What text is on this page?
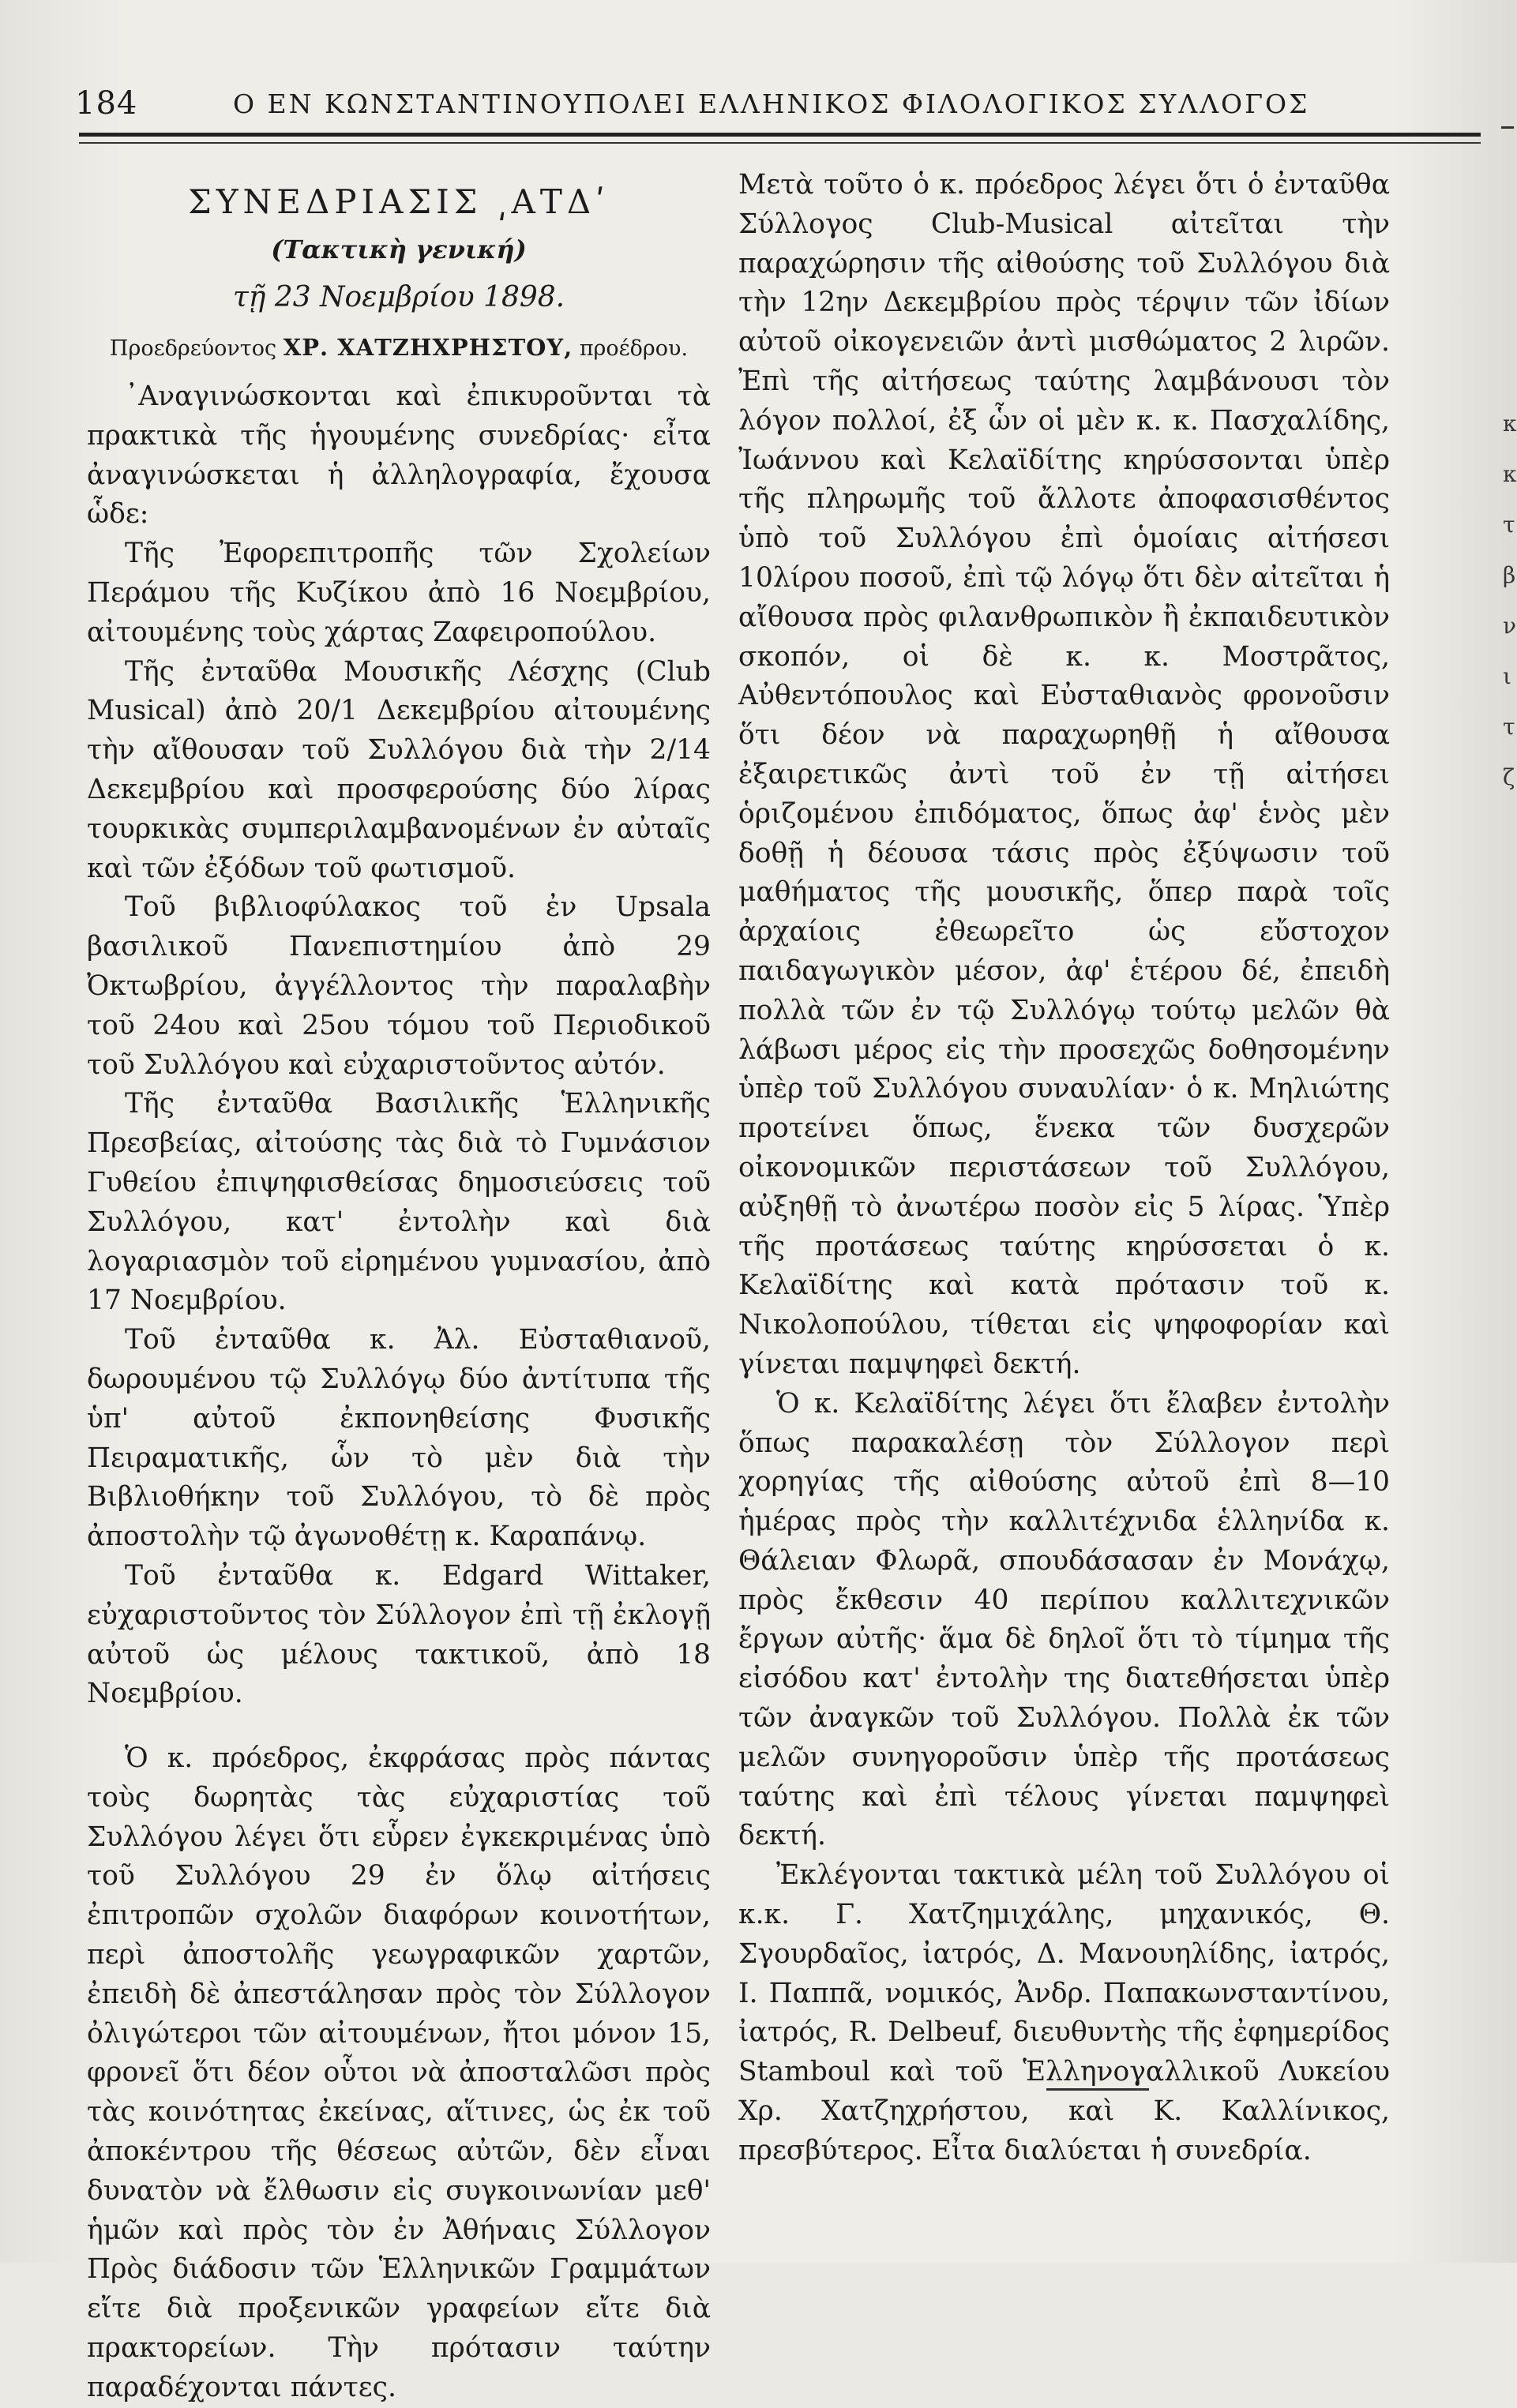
184	Ο ΕΝ ΚΩΝΣΤΑΝΤΙΝΟΥΠΟΛΕΙ ΕΛΛΗΝΙΚΟΣ ΦΙΛΟΛΟΓΙΚΟΣ ΣΥΛΛΟΓΟΣ
ΣΥΝΕΔΡΙΑΣΙΣ ͵ΑΤΔʹ
(Τακτικὴ γενική)
τῇ 23 Νοεμβρίου 1898.
Προεδρεύοντος ΧΡ. ΧΑΤΖΗΧΡΗΣΤΟΥ, προέδρου.

᾿Αναγινώσκονται καὶ ἐπικυροῦνται τὰ πρακτικὰ τῆς ἡγουμένης συνεδρίας· εἶτα ἀναγινώσκεται ἡ ἀλληλογραφία, ἔχουσα ὧδε:

Τῆς Ἐφορεπιτροπῆς τῶν Σχολείων Περάμου τῆς Κυζίκου ἀπὸ 16 Νοεμβρίου, αἰτουμένης τοὺς χάρτας Ζαφειροπούλου.

Τῆς ἐνταῦθα Μουσικῆς Λέσχης (Club Musical) ἀπὸ 20/1 Δεκεμβρίου αἰτουμένης τὴν αἴθουσαν τοῦ Συλλόγου διὰ τὴν 2/14 Δεκεμβρίου καὶ προσφερούσης δύο λίρας τουρκικὰς συμπεριλαμβανομένων ἐν αὐταῖς καὶ τῶν ἐξόδων τοῦ φωτισμοῦ.

Τοῦ βιβλιοφύλακος τοῦ ἐν Upsala βασιλικοῦ Πανεπιστημίου ἀπὸ 29 Ὀκτωβρίου, ἀγγέλλοντος τὴν παραλαβὴν τοῦ 24ου καὶ 25ου τόμου τοῦ Περιοδικοῦ τοῦ Συλλόγου καὶ εὐχαριστοῦντος αὐτόν.

Τῆς ἐνταῦθα Βασιλικῆς Ἑλληνικῆς Πρεσβείας, αἰτούσης τὰς διὰ τὸ Γυμνάσιον Γυθείου ἐπιψηφισθείσας δημοσιεύσεις τοῦ Συλλόγου, κατ' ἐντολὴν καὶ διὰ λογαριασμὸν τοῦ εἰρημένου γυμνασίου, ἀπὸ 17 Νοεμβρίου.

Τοῦ ἐνταῦθα κ. Ἀλ. Εὐσταθιανοῦ, δωρουμένου τῷ Συλλόγῳ δύο ἀντίτυπα τῆς ὑπ' αὐτοῦ ἐκπονηθείσης Φυσικῆς Πειραματικῆς, ὧν τὸ μὲν διὰ τὴν Βιβλιοθήκην τοῦ Συλλόγου, τὸ δὲ πρὸς ἀποστολὴν τῷ ἀγωνοθέτῃ κ. Καραπάνῳ.

Τοῦ ἐνταῦθα κ. Edgard Wittaker, εὐχαριστοῦντος τὸν Σύλλογον ἐπὶ τῇ ἐκλογῇ αὐτοῦ ὡς μέλους τακτικοῦ, ἀπὸ 18 Νοεμβρίου.

Ὁ κ. πρόεδρος, ἐκφράσας πρὸς πάντας τοὺς δωρητὰς τὰς εὐχαριστίας τοῦ Συλλόγου λέγει ὅτι εὗρεν ἐγκεκριμένας ὑπὸ τοῦ Συλλόγου 29 ἐν ὅλῳ αἰτήσεις ἐπιτροπῶν σχολῶν διαφόρων κοινοτήτων, περὶ ἀποστολῆς γεωγραφικῶν χαρτῶν, ἐπειδὴ δὲ ἀπεστάλησαν πρὸς τὸν Σύλλογον ὀλιγώτεροι τῶν αἰτουμένων, ἤτοι μόνον 15, φρονεῖ ὅτι δέον οὗτοι νὰ ἀποσταλῶσι πρὸς τὰς κοινότητας ἐκείνας, αἵτινες, ὡς ἐκ τοῦ ἀποκέντρου τῆς θέσεως αὐτῶν, δὲν εἶναι δυνατὸν νὰ ἔλθωσιν εἰς συγκοινωνίαν μεθ' ἡμῶν καὶ πρὸς τὸν ἐν Ἀθήναις Σύλλογον Πρὸς διάδοσιν τῶν Ἑλληνικῶν Γραμμάτων εἴτε διὰ προξενικῶν γραφείων εἴτε διὰ πρακτορείων. Τὴν πρότασιν ταύτην παραδέχονται πάντες.

Μετὰ τοῦτο ὁ κ. πρόεδρος λέγει ὅτι ὁ ἐνταῦθα Σύλλογος Club-Musical αἰτεῖται τὴν παραχώρησιν τῆς αἰθούσης τοῦ Συλλόγου διὰ τὴν 12ην Δεκεμβρίου πρὸς τέρψιν τῶν ἰδίων αὐτοῦ οἰκογενειῶν ἀντὶ μισθώματος 2 λιρῶν. Ἐπὶ τῆς αἰτήσεως ταύτης λαμβάνουσι τὸν λόγον πολλοί, ἐξ ὧν οἱ μὲν κ. κ. Πασχαλίδης, Ἰωάννου καὶ Κελαϊδίτης κηρύσσονται ὑπὲρ τῆς πληρωμῆς τοῦ ἄλλοτε ἀποφασισθέντος ὑπὸ τοῦ Συλλόγου ἐπὶ ὁμοίαις αἰτήσεσι 10λίρου ποσοῦ, ἐπὶ τῷ λόγῳ ὅτι δὲν αἰτεῖται ἡ αἴθουσα πρὸς φιλανθρωπικὸν ἢ ἐκπαιδευτικὸν σκοπόν, οἱ δὲ κ. κ. Μοστρᾶτος, Αὐθεντόπουλος καὶ Εὐσταθιανὸς φρονοῦσιν ὅτι δέον νὰ παραχωρηθῇ ἡ αἴθουσα ἐξαιρετικῶς ἀντὶ τοῦ ἐν τῇ αἰτήσει ὁριζομένου ἐπιδόματος, ὅπως ἀφ' ἑνὸς μὲν δοθῇ ἡ δέουσα τάσις πρὸς ἐξύψωσιν τοῦ μαθήματος τῆς μουσικῆς, ὅπερ παρὰ τοῖς ἀρχαίοις ἐθεωρεῖτο ὡς εὔστοχον παιδαγωγικὸν μέσον, ἀφ' ἑτέρου δέ, ἐπειδὴ πολλὰ τῶν ἐν τῷ Συλλόγῳ τούτῳ μελῶν θὰ λάβωσι μέρος εἰς τὴν προσεχῶς δοθησομένην ὑπὲρ τοῦ Συλλόγου συναυλίαν· ὁ κ. Μηλιώτης προτείνει ὅπως, ἕνεκα τῶν δυσχερῶν οἰκονομικῶν περιστάσεων τοῦ Συλλόγου, αὐξηθῇ τὸ ἀνωτέρω ποσὸν εἰς 5 λίρας. Ὑπὲρ τῆς προτάσεως ταύτης κηρύσσεται ὁ κ. Κελαϊδίτης καὶ κατὰ πρότασιν τοῦ κ. Νικολοπούλου, τίθεται εἰς ψηφοφορίαν καὶ γίνεται παμψηφεὶ δεκτή.

Ὁ κ. Κελαϊδίτης λέγει ὅτι ἔλαβεν ἐντολὴν ὅπως παρακαλέσῃ τὸν Σύλλογον περὶ χορηγίας τῆς αἰθούσης αὐτοῦ ἐπὶ 8—10 ἡμέρας πρὸς τὴν καλλιτέχνιδα ἑλληνίδα κ. Θάλειαν Φλωρᾶ, σπουδάσασαν ἐν Μονάχῳ, πρὸς ἔκθεσιν 40 περίπου καλλιτεχνικῶν ἔργων αὐτῆς· ἅμα δὲ δηλοῖ ὅτι τὸ τίμημα τῆς εἰσόδου κατ' ἐντολὴν της διατεθήσεται ὑπὲρ τῶν ἀναγκῶν τοῦ Συλλόγου. Πολλὰ ἐκ τῶν μελῶν συνηγοροῦσιν ὑπὲρ τῆς προτάσεως ταύτης καὶ ἐπὶ τέλους γίνεται παμψηφεὶ δεκτή.

Ἐκλέγονται τακτικὰ μέλη τοῦ Συλλόγου οἱ κ.κ. Γ. Χατζημιχάλης, μηχανικός, Θ. Σγουρδαῖος, ἰατρός, Δ. Μανουηλίδης, ἰατρός, Ι. Παππᾶ, νομικός, Ἀνδρ. Παπακωνσταντίνου, ἰατρός, R. Delbeuf, διευθυντὴς τῆς ἐφημερίδος Stamboul καὶ τοῦ Ἑλληνογαλλικοῦ Λυκείου Χρ. Χατζηχρήστου, καὶ Κ. Καλλίνικος, πρεσβύτερος. Εἶτα διαλύεται ἡ συνεδρία.

κ
κ
τ
β
ν
ι
τ
ζ
